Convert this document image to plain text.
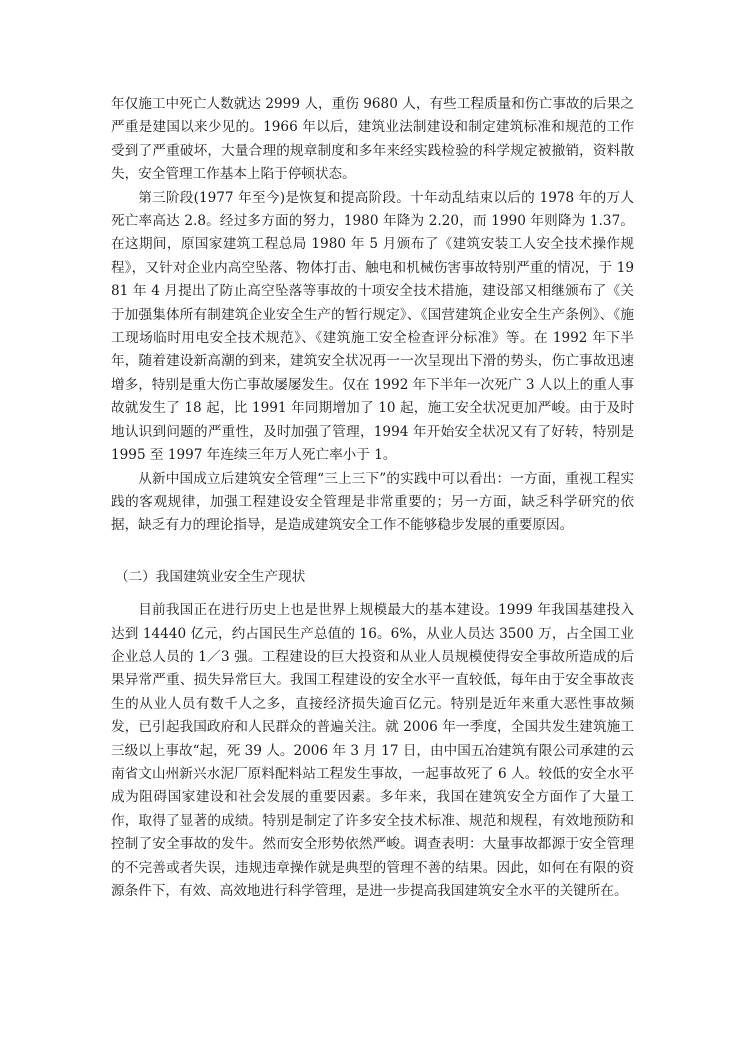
年仅施工中死亡人数就达 2999 人，重伤 9680 人，有些工程质量和伤亡事故的后果之严重是建国以来少见的。1966 年以后，建筑业法制建设和制定建筑标准和规范的工作受到了严重破坏，大量合理的规章制度和多年来经实践检验的科学规定被撤销，资料散失，安全管理工作基本上陷于停顿状态。

第三阶段(1977 年至今)是恢复和提高阶段。十年动乱结束以后的 1978 年的万人死亡率高达 2.8。经过多方面的努力，1980 年降为 2.20，而 1990 年则降为 1.37。在这期间，原国家建筑工程总局 1980 年 5 月颁布了《建筑安装工人安全技术操作规程》，又针对企业内高空坠落、物体打击、触电和机械伤害事故特别严重的情况，于 1981 年 4 月提出了防止高空坠落等事故的十项安全技术措施，建设部又相继颁布了《关于加强集体所有制建筑企业安全生产的暂行规定》、《国营建筑企业安全生产条例》、《施工现场临时用电安全技术规范》、《建筑施工安全检查评分标准》等。在 1992 年下半年，随着建设新高潮的到来，建筑安全状况再一一次呈现出下滑的势头，伤亡事故迅速增多，特别是重大伤亡事故屡屡发生。仅在 1992 年下半年一次死广 3 人以上的重人事故就发生了 18 起，比 1991 年同期增加了 10 起，施工安全状况更加严峻。由于及时地认识到问题的严重性，及时加强了管理，1994 年开始安全状况又有了好转，特别是 1995 至 1997 年连续三年万人死亡率小于 1。

从新中国成立后建筑安全管理“三上三下”的实践中可以看出：一方面，重视工程实践的客观规律，加强工程建设安全管理是非常重要的；另一方面，缺乏科学研究的依据，缺乏有力的理论指导，是造成建筑安全工作不能够稳步发展的重要原因。

（二）我国建筑业安全生产现状

目前我国正在进行历史上也是世界上规模最大的基本建设。1999 年我国基建投入达到 14440 亿元，约占国民生产总值的 16。6%，从业人员达 3500 万，占全国工业企业总人员的 1／3 强。工程建设的巨大投资和从业人员规模使得安全事故所造成的后果异常严重、损失异常巨大。我国工程建设的安全水平一直较低，每年由于安全事故丧生的从业人员有数千人之多，直接经济损失逾百亿元。特别是近年来重大恶性事故频发，已引起我国政府和人民群众的普遍关注。就 2006 年一季度，全国共发生建筑施工三级以上事故“起，死 39 人。2006 年 3 月 17 日，由中国五冶建筑有限公司承建的云南省文山州新兴水泥厂原料配料站工程发生事故，一起事故死了 6 人。较低的安全水平成为阻碍国家建设和社会发展的重要因素。多年来，我国在建筑安全方面作了大量工作，取得了显著的成绩。特别是制定了许多安全技术标准、规范和规程，有效地预防和控制了安全事故的发牛。然而安全形势依然严峻。调查表明：大量事故都源于安全管理的不完善或者失误，违规违章操作就是典型的管理不善的结果。因此，如何在有限的资源条件下，有效、高效地进行科学管理，是进一步提高我国建筑安全水平的关键所在。
